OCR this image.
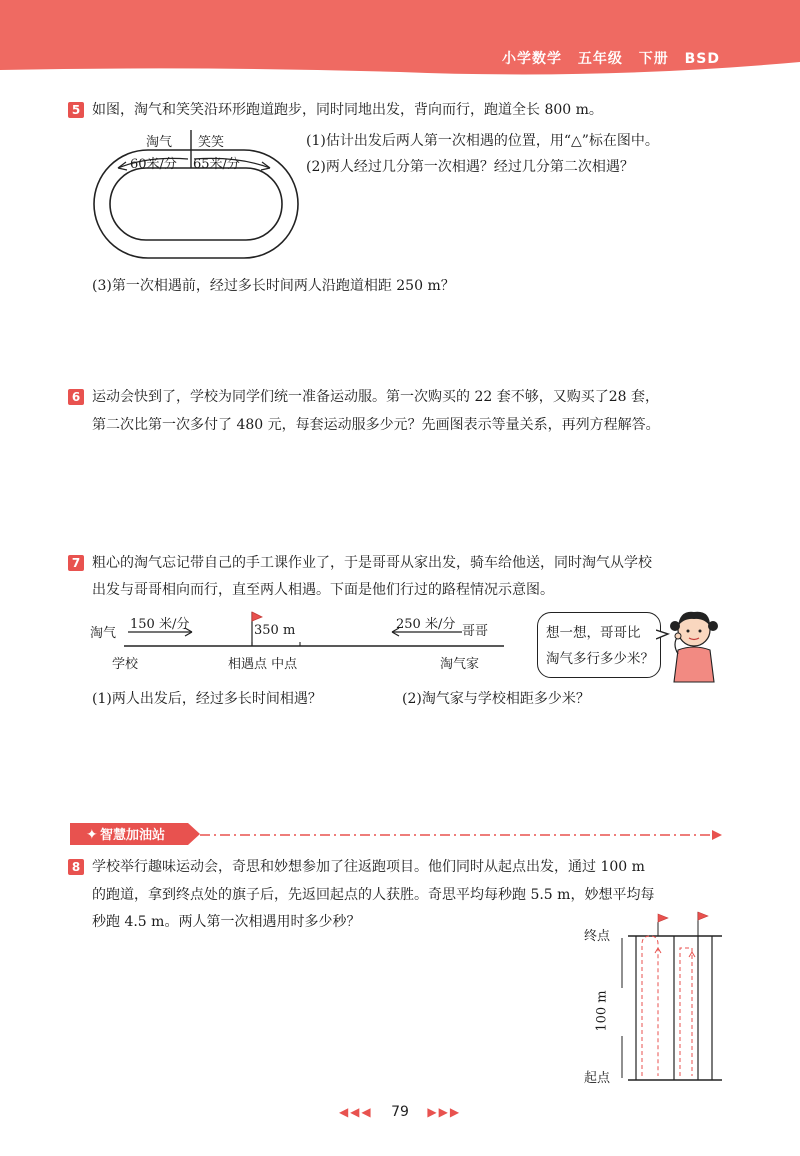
小学数学 五年级 下册 BSD
5 如图，淘气和笑笑沿环形跑道跑步，同时同地出发，背向而行，跑道全长 800 m。
淘气 笑笑
60米/分 65米/分
(1)估计出发后两人第一次相遇的位置，用“△”标在图中。
(2)两人经过几分第一次相遇？经过几分第二次相遇？
(3)第一次相遇前，经过多长时间两人沿跑道相距 250 m？
6 运动会快到了，学校为同学们统一准备运动服。第一次购买的 22 套不够，又购买了28 套，
第二次比第一次多付了 480 元，每套运动服多少元？先画图表示等量关系，再列方程解答。
7 粗心的淘气忘记带自己的手工课作业了，于是哥哥从家出发，骑车给他送，同时淘气从学校
出发与哥哥相向而行，直至两人相遇。下面是他们行过的路程情况示意图。
淘气
150 米/分	350 m	250 米/分 哥哥
学校	相遇点 中点	淘气家
想一想，哥哥比
淘气多行多少米？
(1)两人出发后，经过多长时间相遇？	(2)淘气家与学校相距多少米？
✦ 智慧加油站
8 学校举行趣味运动会，奇思和妙想参加了往返跑项目。他们同时从起点出发，通过 100 m
的跑道，拿到终点处的旗子后，先返回起点的人获胜。奇思平均每秒跑 5.5 m，妙想平均每
秒跑 4.5 m。两人第一次相遇用时多少秒？
终点
起点
100 m
◀◀◀ 79 ▶▶▶
